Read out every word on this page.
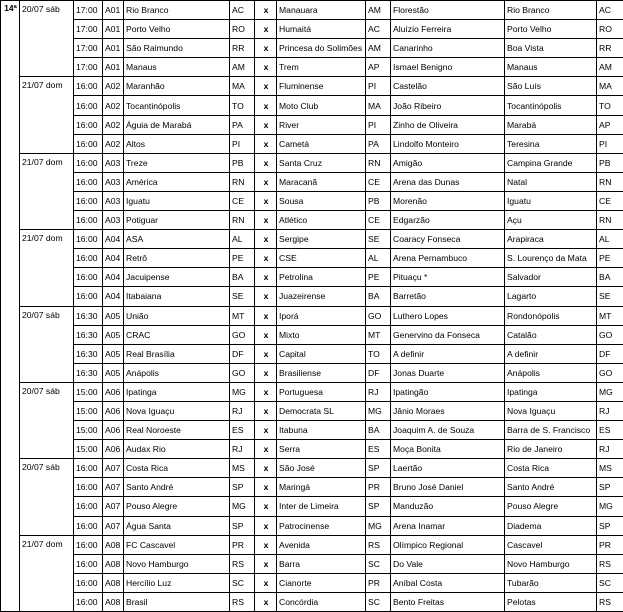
14ª	20/07 sáb	17:00	A01	Rio Branco	AC	x	Manauara	AM	Florestão	Rio Branco	AC
		17:00	A01	Porto Velho	RO	x	Humaitá	AC	Aluízio Ferreira	Porto Velho	RO
		17:00	A01	São Raimundo	RR	x	Princesa do Solimões	AM	Canarinho	Boa Vista	RR
		17:00	A01	Manaus	AM	x	Trem	AP	Ismael Benigno	Manaus	AM
	21/07 dom	16:00	A02	Maranhão	MA	x	Fluminense	PI	Castelão	São Luís	MA
		16:00	A02	Tocantinópolis	TO	x	Moto Club	MA	João Ribeiro	Tocantinópolis	TO
		16:00	A02	Águia de Marabá	PA	x	River	PI	Zinho de Oliveira	Marabá	AP
		16:00	A02	Altos	PI	x	Cametá	PA	Lindolfo Monteiro	Teresina	PI
	21/07 dom	16:00	A03	Treze	PB	x	Santa Cruz	RN	Amigão	Campina Grande	PB
		16:00	A03	América	RN	x	Maracanã	CE	Arena das Dunas	Natal	RN
		16:00	A03	Iguatu	CE	x	Sousa	PB	Morenão	Iguatu	CE
		16:00	A03	Potiguar	RN	x	Atlético	CE	Edgarzão	Açu	RN
	21/07 dom	16:00	A04	ASA	AL	x	Sergipe	SE	Coaracy Fonseca	Arapiraca	AL
		16:00	A04	Retrô	PE	x	CSE	AL	Arena Pernambuco	S. Lourenço da Mata	PE
		16:00	A04	Jacuipense	BA	x	Petrolina	PE	Pituaçu *	Salvador	BA
		16:00	A04	Itabaiana	SE	x	Juazeirense	BA	Barretão	Lagarto	SE
	20/07 sáb	16:30	A05	União	MT	x	Iporá	GO	Luthero Lopes	Rondonópolis	MT
		16:30	A05	CRAC	GO	x	Mixto	MT	Genervino da Fonseca	Catalão	GO
		16:30	A05	Real Brasília	DF	x	Capital	TO	A definir	A definir	DF
		16:30	A05	Anápolis	GO	x	Brasiliense	DF	Jonas Duarte	Anápolis	GO
	20/07 sáb	15:00	A06	Ipatinga	MG	x	Portuguesa	RJ	Ipatingão	Ipatinga	MG
		15:00	A06	Nova Iguaçu	RJ	x	Democrata SL	MG	Jânio Moraes	Nova Iguaçu	RJ
		15:00	A06	Real Noroeste	ES	x	Itabuna	BA	Joaquim A. de Souza	Barra de S. Francisco	ES
		15:00	A06	Audax Rio	RJ	x	Serra	ES	Moça Bonita	Rio de Janeiro	RJ
	20/07 sáb	16:00	A07	Costa Rica	MS	x	São José	SP	Laertão	Costa Rica	MS
		16:00	A07	Santo André	SP	x	Maringá	PR	Bruno José Daniel	Santo André	SP
		16:00	A07	Pouso Alegre	MG	x	Inter de Limeira	SP	Manduzão	Pouso Alegre	MG
		16:00	A07	Água Santa	SP	x	Patrocinense	MG	Arena Inamar	Diadema	SP
	21/07 dom	16:00	A08	FC Cascavel	PR	x	Avenida	RS	Olímpico Regional	Cascavel	PR
		16:00	A08	Novo Hamburgo	RS	x	Barra	SC	Do Vale	Novo Hamburgo	RS
		16:00	A08	Hercílio Luz	SC	x	Cianorte	PR	Aníbal Costa	Tubarão	SC
		16:00	A08	Brasil	RS	x	Concórdia	SC	Bento Freitas	Pelotas	RS
